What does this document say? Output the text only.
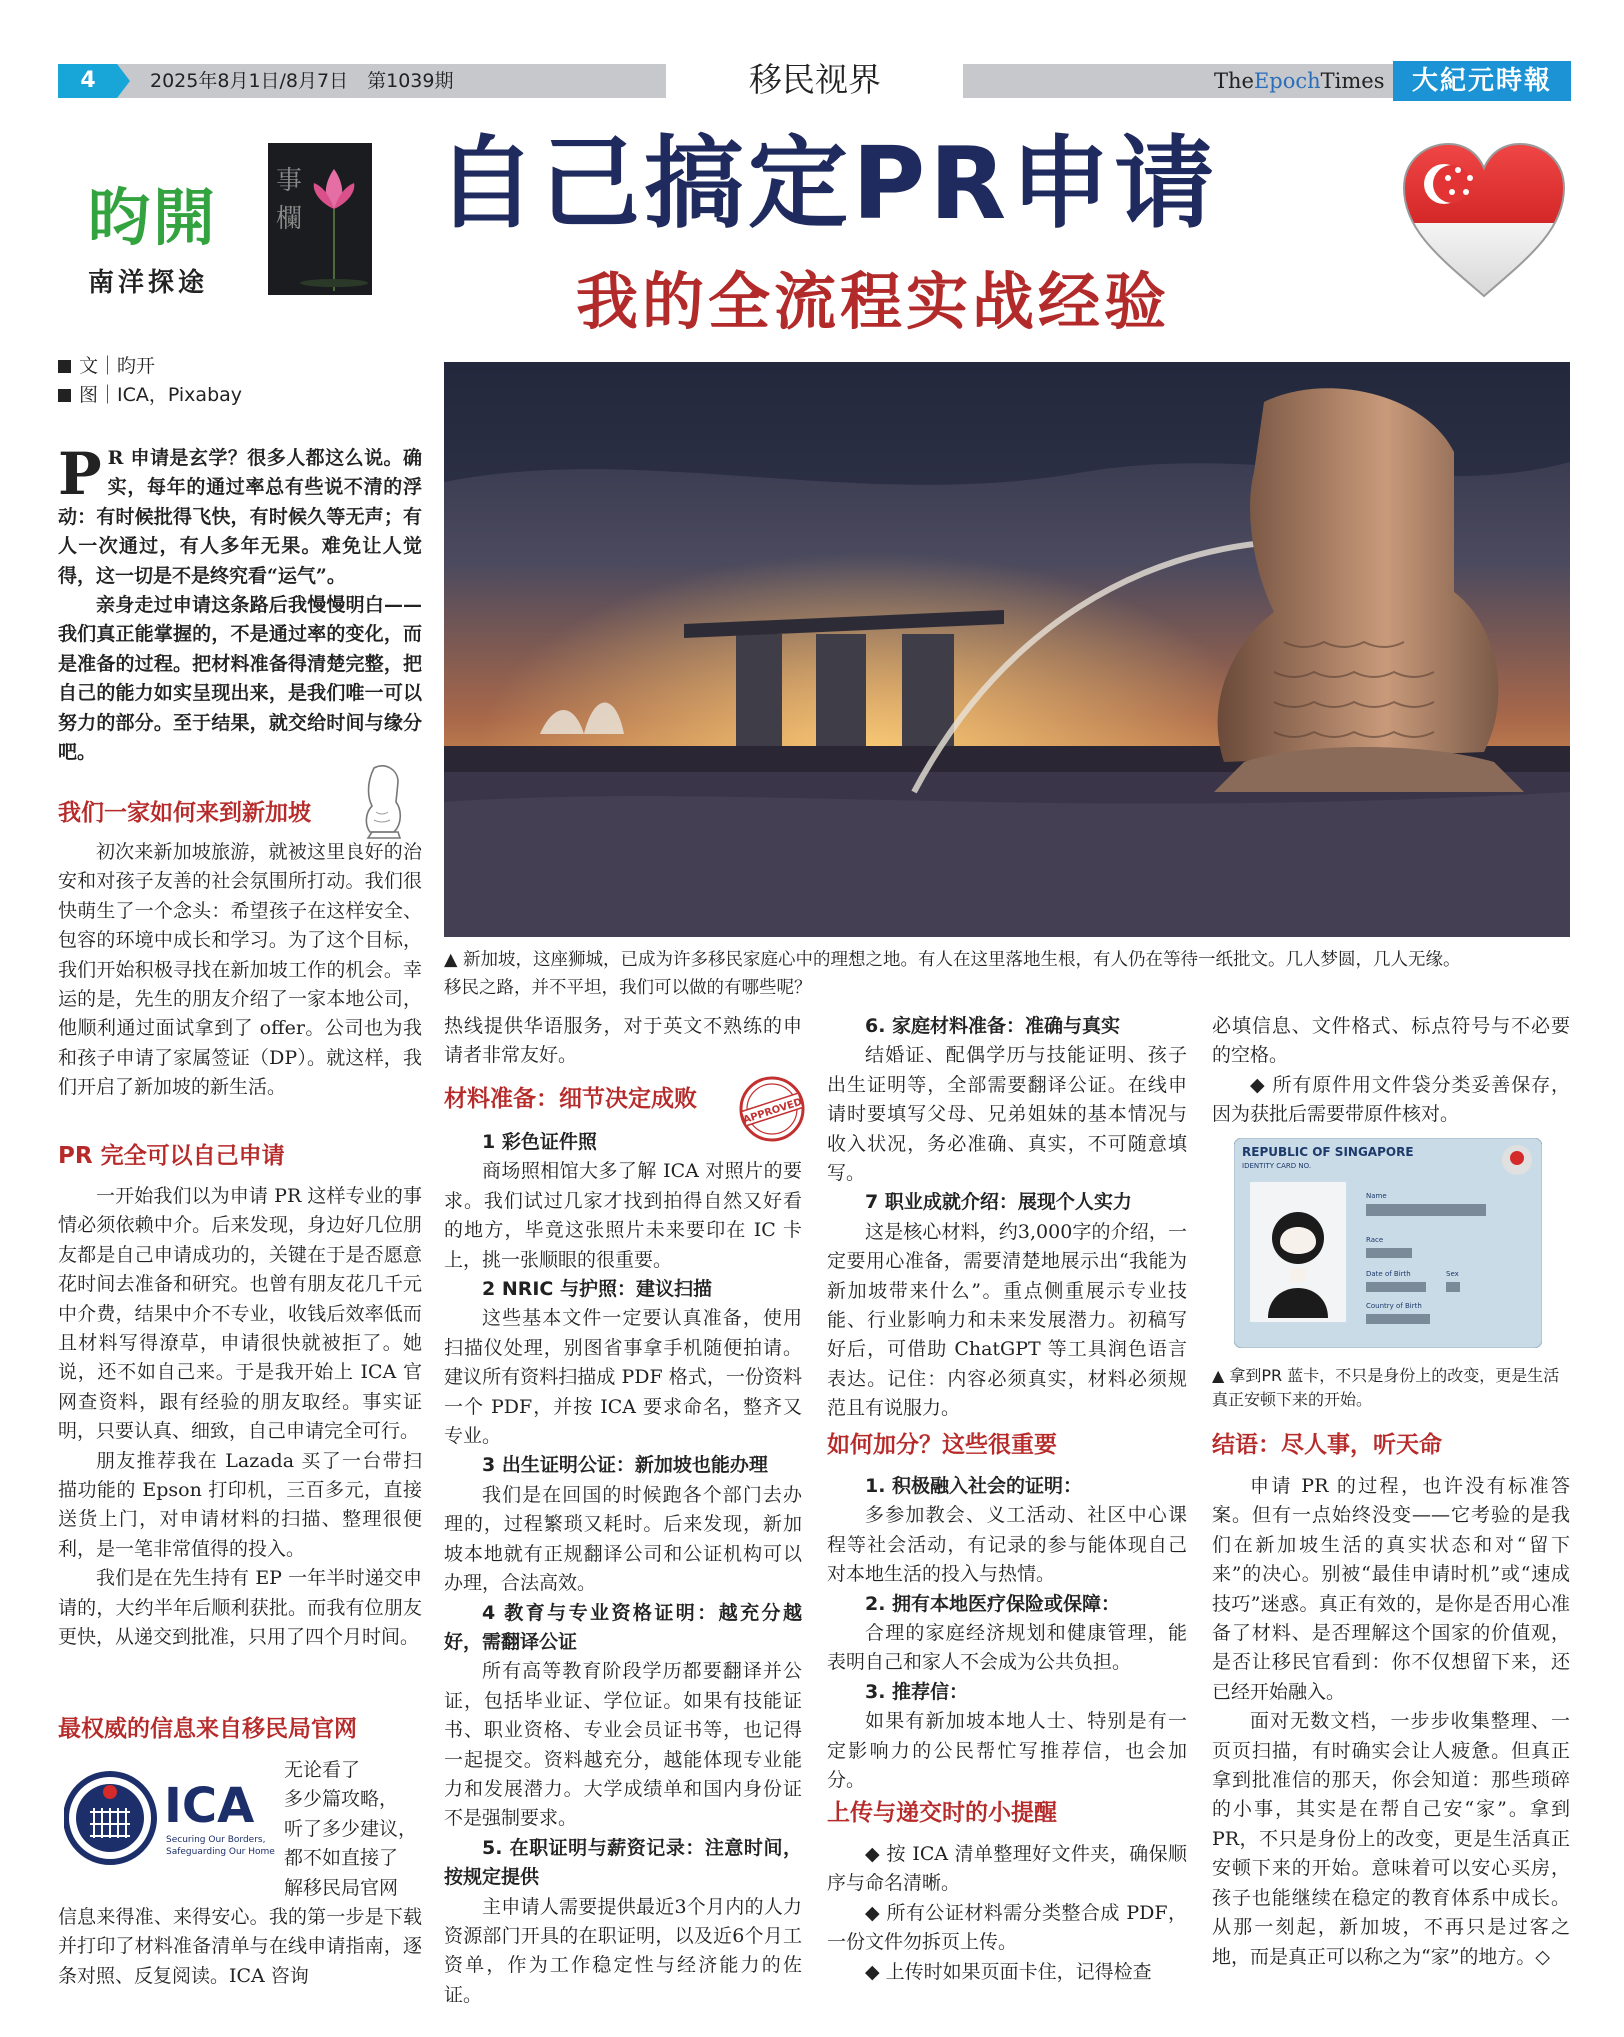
4	2025年8月1日/8月7日　第1039期	移民视界	TheEpochTimes	大紀元時報
昀開
南洋探途
事
欄 自己搞定PR申请
我的全流程实战经验
文｜昀开
图｜ICA，Pixabay
▲ 新加坡，这座狮城，已成为许多移民家庭心中的理想之地。有人在这里落地生根，有人仍在等待一纸批文。几人梦圆，几人无缘。
移民之路，并不平坦，我们可以做的有哪些呢？

P R 申请是玄学？很多人都这么说。确实，每年的通过率总有些说不清的浮动：有时候批得飞快，有时候久等无声；有人一次通过，有人多年无果。难免让人觉得，这一切是不是终究看“运气”。

亲身走过申请这条路后我慢慢明白——我们真正能掌握的，不是通过率的变化，而是准备的过程。把材料准备得清楚完整，把自己的能力如实呈现出来，是我们唯一可以努力的部分。至于结果，就交给时间与缘分吧。

我们一家如何来到新加坡

初次来新加坡旅游，就被这里良好的治安和对孩子友善的社会氛围所打动。我们很快萌生了一个念头：希望孩子在这样安全、包容的环境中成长和学习。为了这个目标，我们开始积极寻找在新加坡工作的机会。幸运的是，先生的朋友介绍了一家本地公司，他顺利通过面试拿到了 offer。公司也为我和孩子申请了家属签证（DP）。就这样，我们开启了新加坡的新生活。

PR 完全可以自己申请

一开始我们以为申请 PR 这样专业的事情必须依赖中介。后来发现，身边好几位朋友都是自己申请成功的，关键在于是否愿意花时间去准备和研究。也曾有朋友花几千元中介费，结果中介不专业，收钱后效率低而且材料写得潦草，申请很快就被拒了。她说，还不如自己来。于是我开始上 ICA 官网查资料，跟有经验的朋友取经。事实证明，只要认真、细致，自己申请完全可行。

朋友推荐我在 Lazada 买了一台带扫描功能的 Epson 打印机，三百多元，直接送货上门，对申请材料的扫描、整理很便利，是一笔非常值得的投入。

我们是在先生持有 EP 一年半时递交申请的，大约半年后顺利获批。而我有位朋友更快，从递交到批准，只用了四个月时间。

最权威的信息来自移民局官网
ICA
Securing Our Borders,
Safeguarding Our Home
无论看了
多少篇攻略，
听了多少建议，
都不如直接了
解移民局官网

信息来得准、来得安心。我的第一步是下载并打印了材料准备清单与在线申请指南，逐条对照、反复阅读。ICA 咨询

热线提供华语服务，对于英文不熟练的申请者非常友好。

材料准备：细节决定成败	APPROVED
1 彩色证件照

商场照相馆大多了解 ICA 对照片的要求。我们试过几家才找到拍得自然又好看的地方，毕竟这张照片未来要印在 IC 卡上，挑一张顺眼的很重要。

2 NRIC 与护照：建议扫描

这些基本文件一定要认真准备，使用扫描仪处理，别图省事拿手机随便拍请。建议所有资料扫描成 PDF 格式，一份资料一个 PDF，并按 ICA 要求命名，整齐又专业。

3 出生证明公证：新加坡也能办理

我们是在回国的时候跑各个部门去办理的，过程繁琐又耗时。后来发现，新加坡本地就有正规翻译公司和公证机构可以办理，合法高效。

4 教育与专业资格证明：越充分越好，需翻译公证

所有高等教育阶段学历都要翻译并公证，包括毕业证、学位证。如果有技能证书、职业资格、专业会员证书等，也记得一起提交。资料越充分，越能体现专业能力和发展潜力。大学成绩单和国内身份证不是强制要求。

5. 在职证明与薪资记录：注意时间，按规定提供

主申请人需要提供最近3个月内的人力资源部门开具的在职证明，以及近6个月工资单，作为工作稳定性与经济能力的佐证。

6. 家庭材料准备：准确与真实

结婚证、配偶学历与技能证明、孩子出生证明等，全部需要翻译公证。在线申请时要填写父母、兄弟姐妹的基本情况与收入状况，务必准确、真实，不可随意填写。

7 职业成就介绍：展现个人实力

这是核心材料，约3,000字的介绍，一定要用心准备，需要清楚地展示出“我能为新加坡带来什么”。重点侧重展示专业技能、行业影响力和未来发展潜力。初稿写好后，可借助 ChatGPT 等工具润色语言表达。记住：内容必须真实，材料必须规范且有说服力。

如何加分？这些很重要
1. 积极融入社会的证明：

多参加教会、义工活动、社区中心课程等社会活动，有记录的参与能体现自己对本地生活的投入与热情。

2. 拥有本地医疗保险或保障：

合理的家庭经济规划和健康管理，能表明自己和家人不会成为公共负担。

3. 推荐信：

如果有新加坡本地人士、特别是有一定影响力的公民帮忙写推荐信，也会加分。

上传与递交时的小提醒

◆ 按 ICA 清单整理好文件夹，确保顺序与命名清晰。

◆ 所有公证材料需分类整合成 PDF，一份文件勿拆页上传。

◆ 上传时如果页面卡住，记得检查

必填信息、文件格式、标点符号与不必要的空格。

◆ 所有原件用文件袋分类妥善保存，因为获批后需要带原件核对。

REPUBLIC OF SINGAPORE
IDENTITY CARD NO.
Name
Race
Date of Birth	Sex
Country of Birth
▲ 拿到PR 蓝卡，不只是身份上的改变，更是生活真正安顿下来的开始。
结语：尽人事，听天命

申请 PR 的过程，也许没有标准答案。但有一点始终没变——它考验的是我们在新加坡生活的真实状态和对“留下来”的决心。别被“最佳申请时机”或“速成技巧”迷惑。真正有效的，是你是否用心准备了材料、是否理解这个国家的价值观，是否让移民官看到：你不仅想留下来，还已经开始融入。

面对无数文档，一步步收集整理、一页页扫描，有时确实会让人疲惫。但真正拿到批准信的那天，你会知道：那些琐碎的小事，其实是在帮自己安“家”。拿到 PR，不只是身份上的改变，更是生活真正安顿下来的开始。意味着可以安心买房，孩子也能继续在稳定的教育体系中成长。从那一刻起，新加坡，不再只是过客之地，而是真正可以称之为“家”的地方。◇
